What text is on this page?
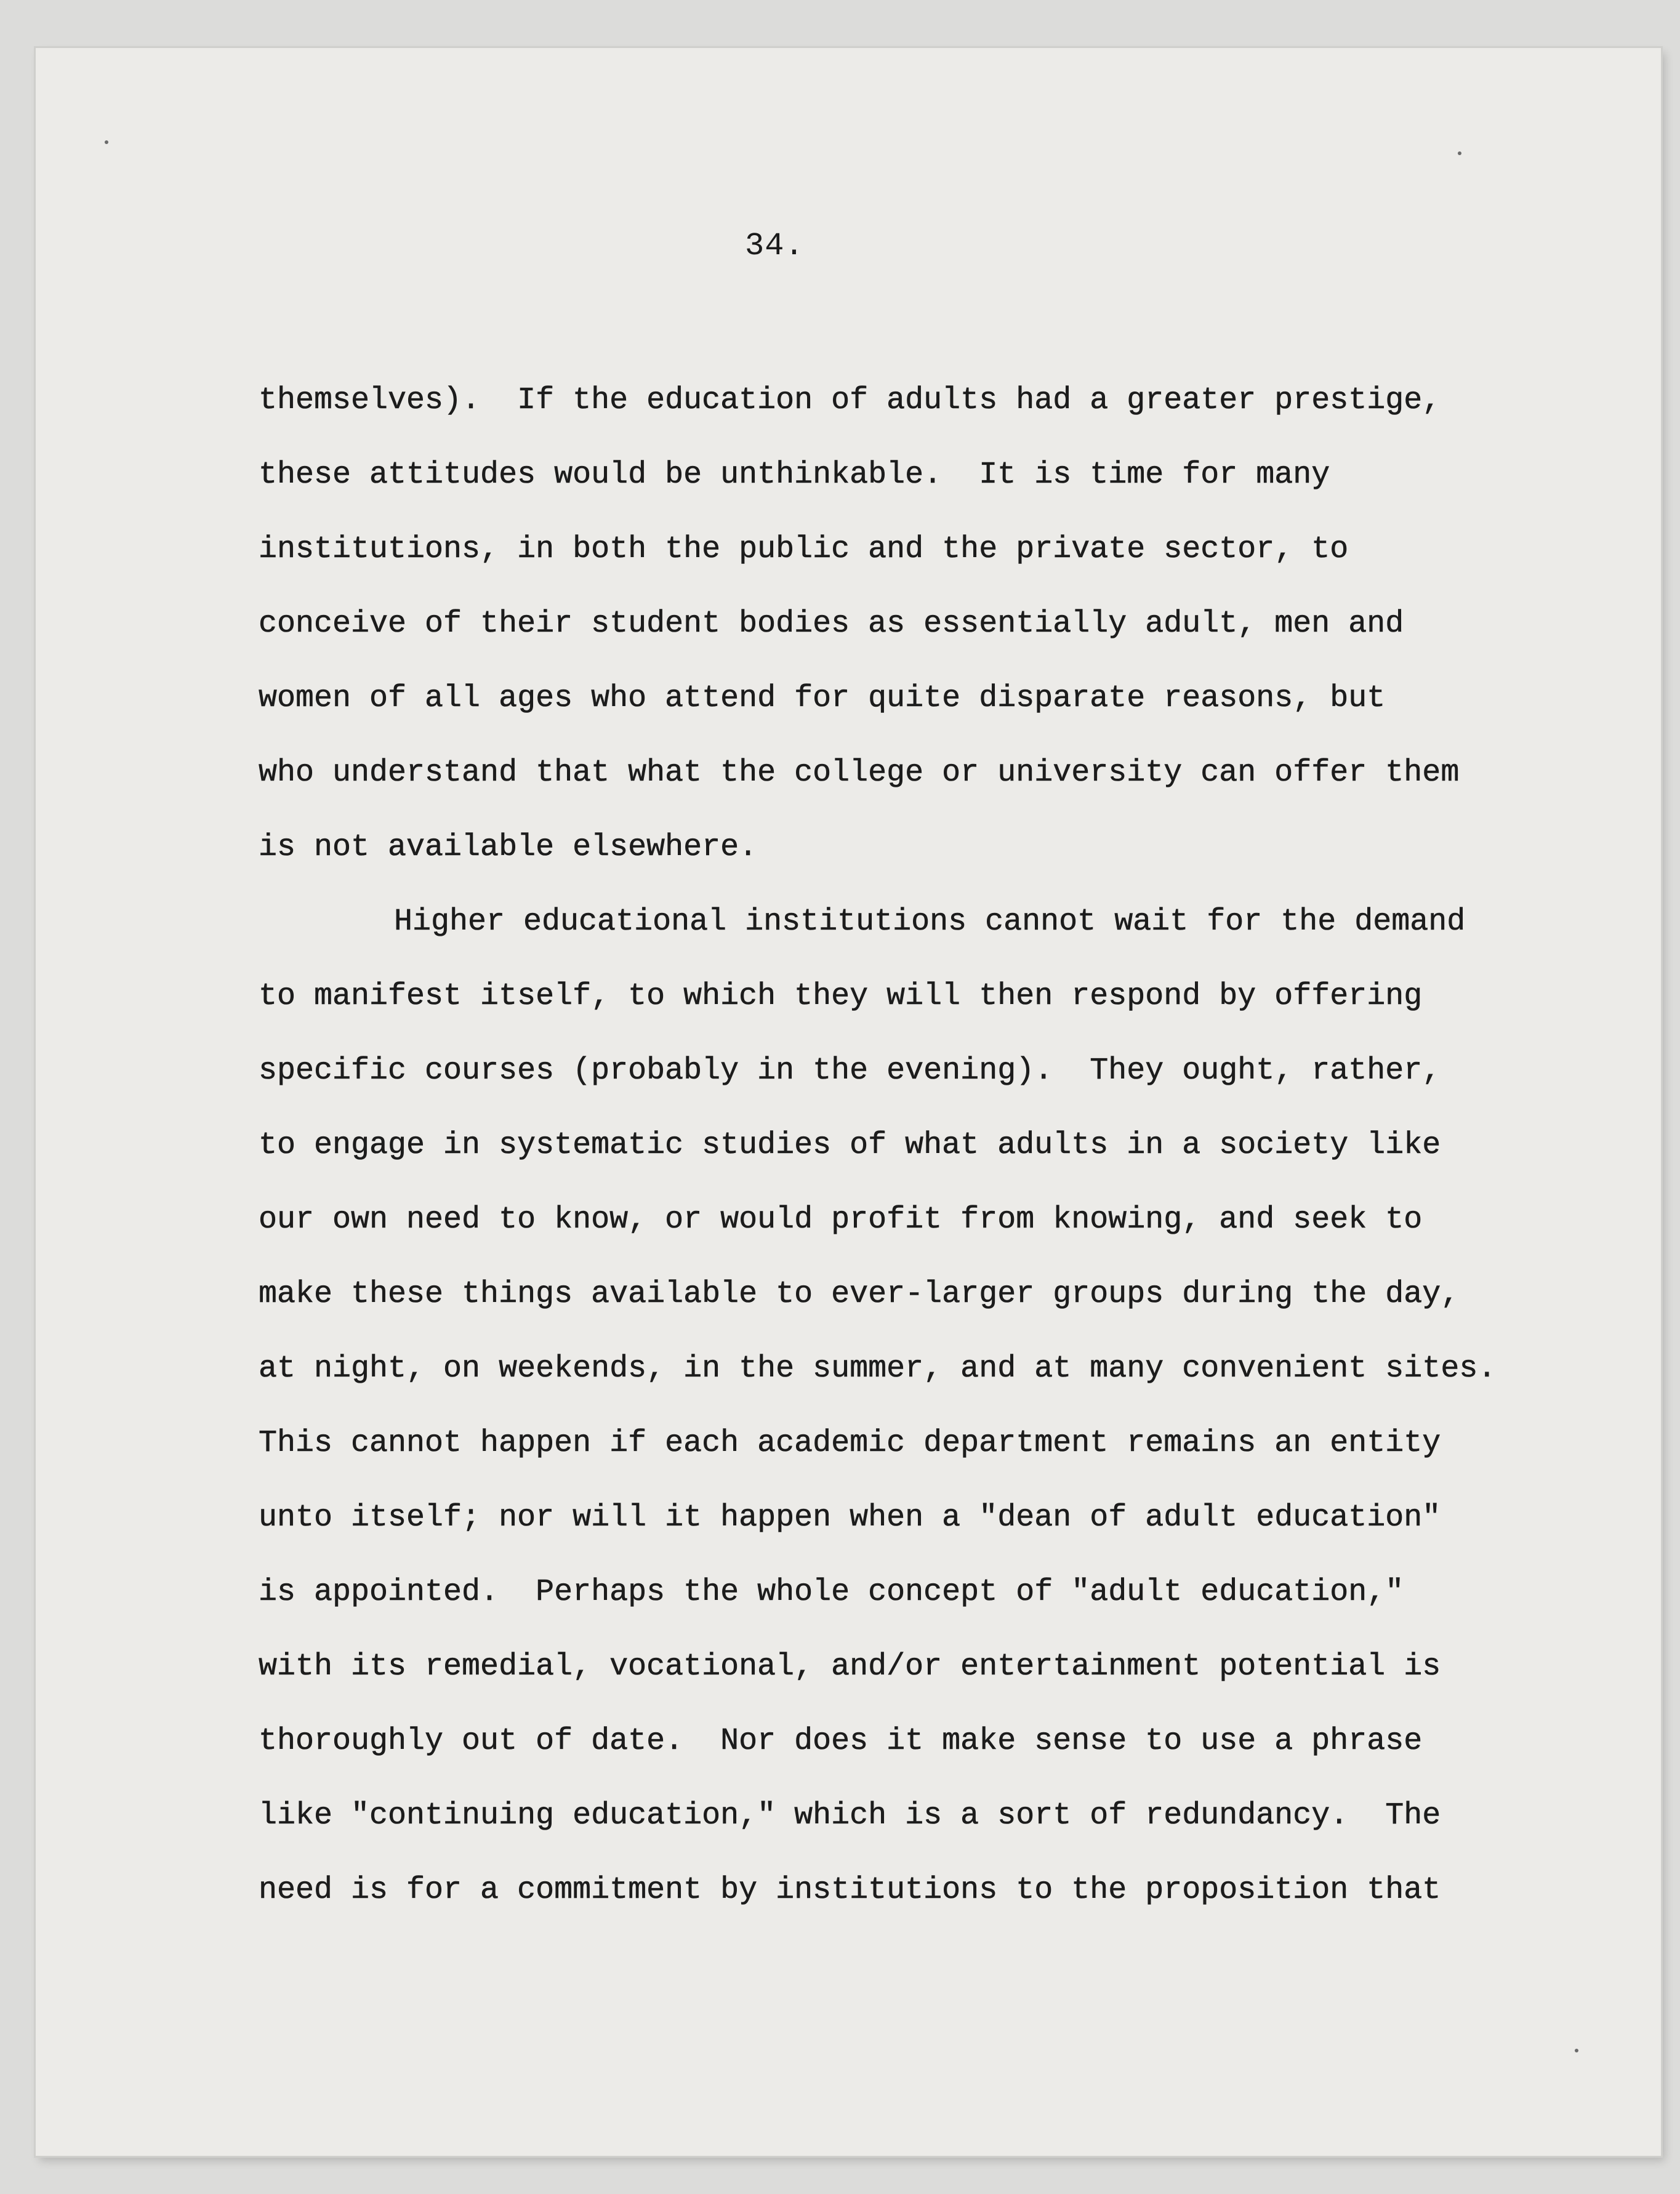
34.
themselves).  If the education of adults had a greater prestige,
these attitudes would be unthinkable.  It is time for many
institutions, in both the public and the private sector, to
conceive of their student bodies as essentially adult, men and
women of all ages who attend for quite disparate reasons, but
who understand that what the college or university can offer them
is not available elsewhere.
Higher educational institutions cannot wait for the demand
to manifest itself, to which they will then respond by offering
specific courses (probably in the evening).  They ought, rather,
to engage in systematic studies of what adults in a society like
our own need to know, or would profit from knowing, and seek to
make these things available to ever-larger groups during the day,
at night, on weekends, in the summer, and at many convenient sites.
This cannot happen if each academic department remains an entity
unto itself; nor will it happen when a "dean of adult education"
is appointed.  Perhaps the whole concept of "adult education,"
with its remedial, vocational, and/or entertainment potential is
thoroughly out of date.  Nor does it make sense to use a phrase
like "continuing education," which is a sort of redundancy.  The
need is for a commitment by institutions to the proposition that
